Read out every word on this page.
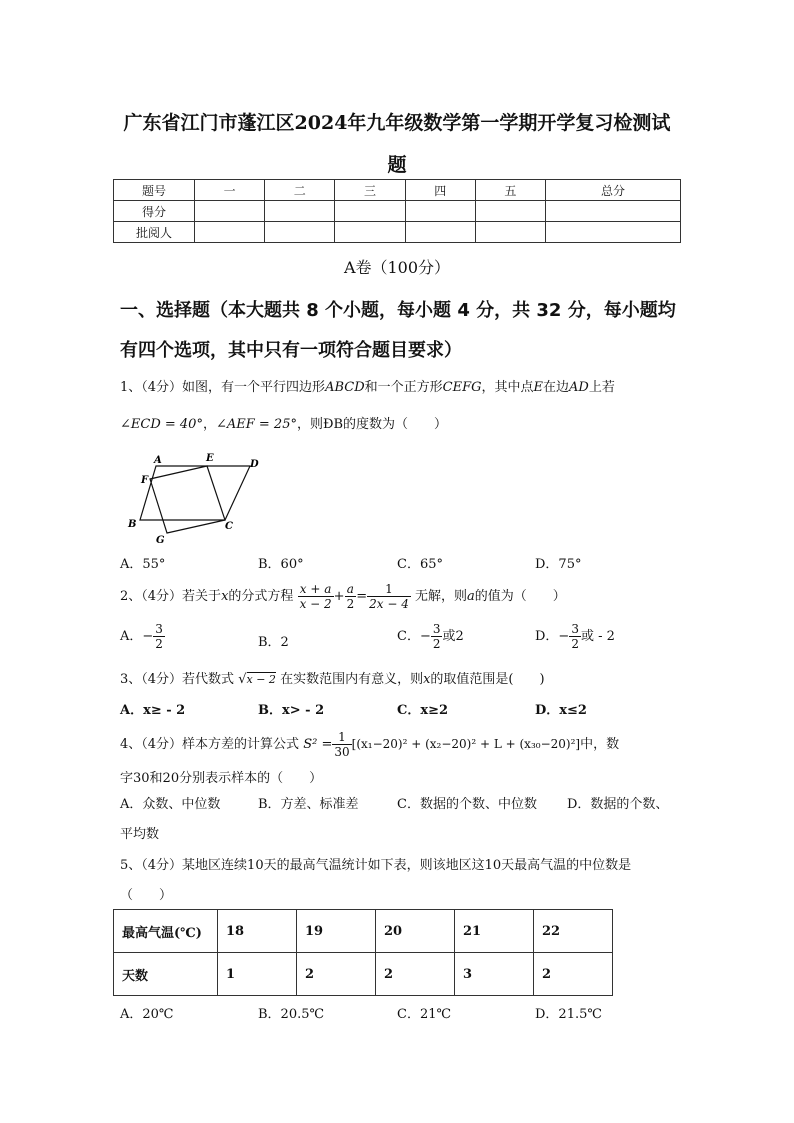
广东省江门市蓬江区2024年九年级数学第一学期开学复习检测试
题
题号	一	二	三	四	五	总分
得分						
批阅人						
A卷（100分）
一、选择题（本大题共 8 个小题，每小题 4 分，共 32 分，每小题均
有四个选项，其中只有一项符合题目要求）
1、（4分）如图，有一个平行四边形ABCD和一个正方形CEFG，其中点E在边AD上若
∠ECD = 40°，∠AEF = 25°，则ÐB的度数为（　　）
A	E
D
F
B	C
G
A．55°	B．60°	C．65°	D．75°
2、（4分）若关于x的分式方程 $\frac{x + a}{x - 2} + \frac{a}{2} = \frac{1}{2x - 4}$ 无解，则a的值为（　　）
A．− $\frac{3}{2}$	B．2	C．− $\frac{3}{2}$ 或2	D．− $\frac{3}{2}$ 或 - 2
3、（4分）若代数式 √x − 2 在实数范围内有意义，则x的取值范围是(　　)
A．x≥ - 2	B．x> - 2	C．x≥2	D．x≤2
4、（4分）样本方差的计算公式 $S^2 = \frac{1}{30} [(x_1-20)^2 + (x_2-20)^2 + L + (x_{30}-20)^2]$中，数
字30和20分别表示样本的（　　）
A．众数、中位数	B．方差、标准差	C．数据的个数、中位数 D．数据的个数、
平均数
5、（4分）某地区连续10天的最高气温统计如下表，则该地区这10天最高气温的中位数是
（　　）
最高气温(℃)	18	19	20	21	22
天数	1	2	2	3	2
A．20℃	B．20.5℃	C．21℃	D．21.5℃
